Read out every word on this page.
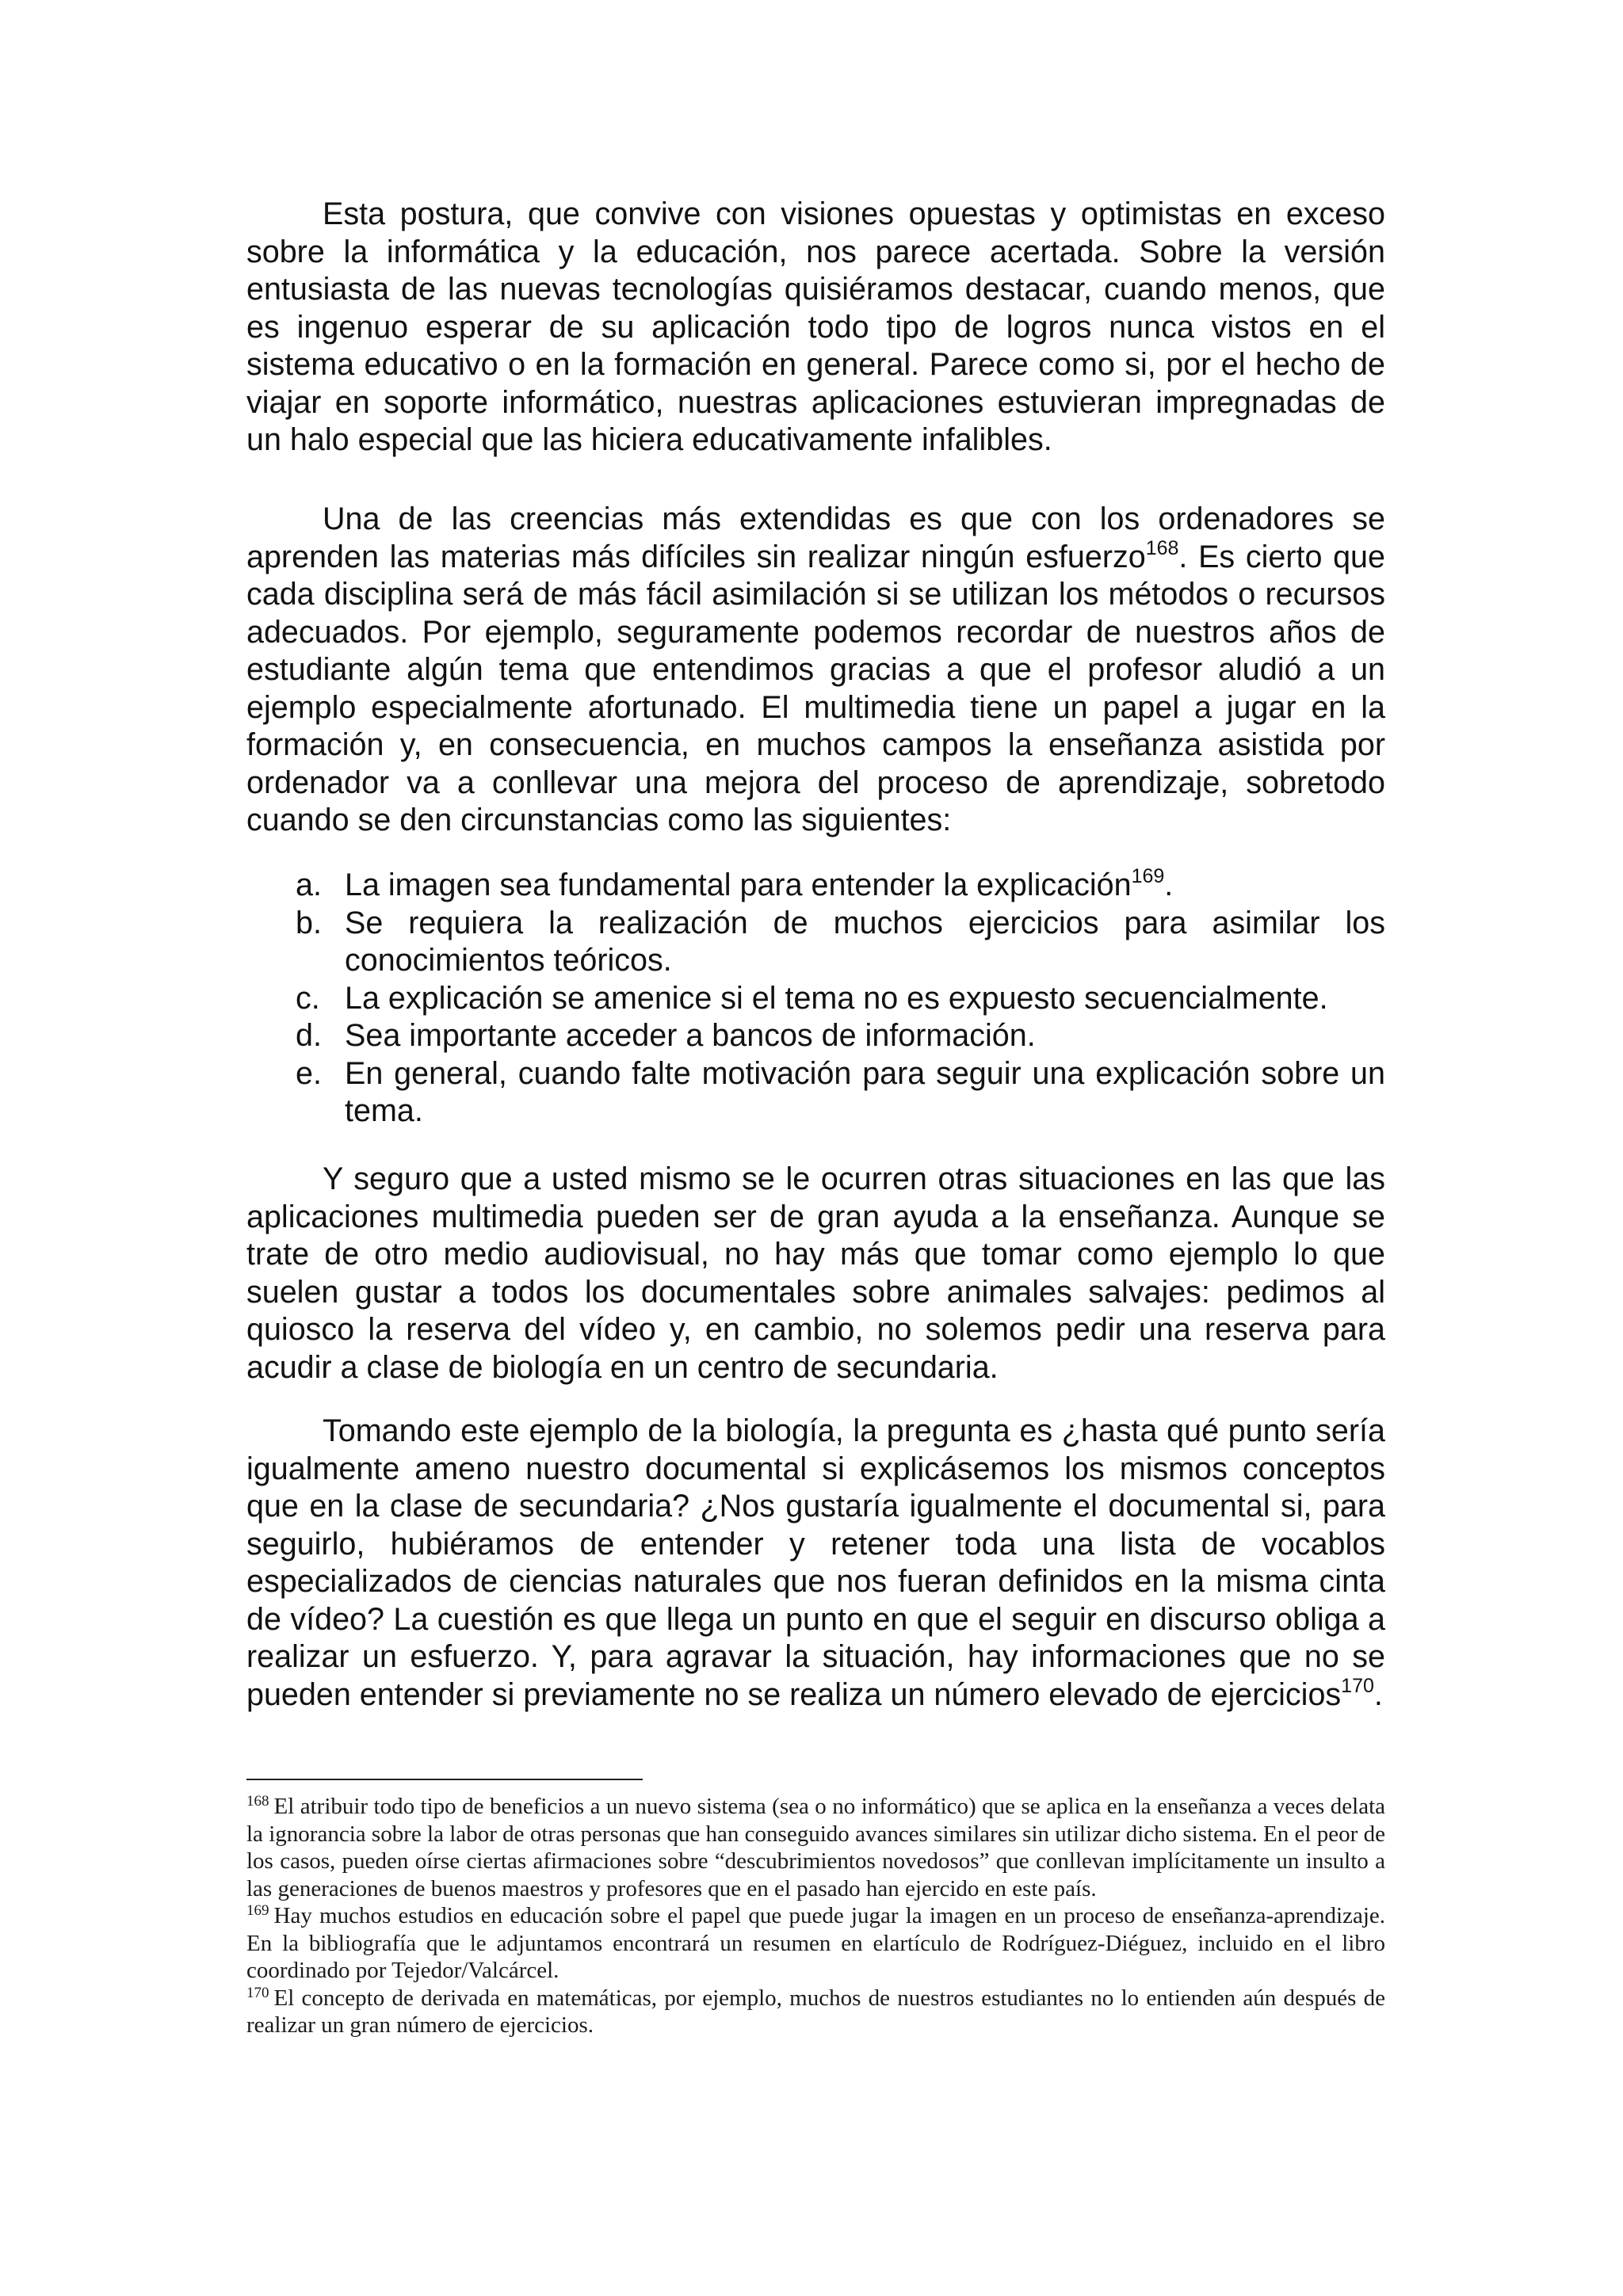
Esta postura, que convive con visiones opuestas y optimistas en exceso sobre la informática y la educación, nos parece acertada. Sobre la versión entusiasta de las nuevas tecnologías quisiéramos destacar, cuando menos, que es ingenuo esperar de su aplicación todo tipo de logros nunca vistos en el sistema educativo o en la formación en general. Parece como si, por el hecho de viajar en soporte informático, nuestras aplicaciones estuvieran impregnadas de un halo especial que las hiciera educativamente infalibles.

Una de las creencias más extendidas es que con los ordenadores se aprenden las materias más difíciles sin realizar ningún esfuerzo$^{168}$. Es cierto que cada disciplina será de más fácil asimilación si se utilizan los métodos o recursos adecuados. Por ejemplo, seguramente podemos recordar de nuestros años de estudiante algún tema que entendimos gracias a que el profesor aludió a un ejemplo especialmente afortunado. El multimedia tiene un papel a jugar en la formación y, en consecuencia, en muchos campos la enseñanza asistida por ordenador va a conllevar una mejora del proceso de aprendizaje, sobretodo cuando se den circunstancias como las siguientes:

a. La imagen sea fundamental para entender la explicación$^{169}$.
b. Se requiera la realización de muchos ejercicios para asimilar los conocimientos teóricos.
c. La explicación se amenice si el tema no es expuesto secuencialmente.
d. Sea importante acceder a bancos de información.
e. En general, cuando falte motivación para seguir una explicación sobre un tema.

Y seguro que a usted mismo se le ocurren otras situaciones en las que las aplicaciones multimedia pueden ser de gran ayuda a la enseñanza. Aunque se trate de otro medio audiovisual, no hay más que tomar como ejemplo lo que suelen gustar a todos los documentales sobre animales salvajes: pedimos al quiosco la reserva del vídeo y, en cambio, no solemos pedir una reserva para acudir a clase de biología en un centro de secundaria.

Tomando este ejemplo de la biología, la pregunta es ¿hasta qué punto sería igualmente ameno nuestro documental si explicásemos los mismos conceptos que en la clase de secundaria? ¿Nos gustaría igualmente el documental si, para seguirlo, hubiéramos de entender y retener toda una lista de vocablos especializados de ciencias naturales que nos fueran definidos en la misma cinta de vídeo? La cuestión es que llega un punto en que el seguir en discurso obliga a realizar un esfuerzo. Y, para agravar la situación, hay informaciones que no se pueden entender si previamente no se realiza un número elevado de ejercicios$^{170}$.

$^{168}$ El atribuir todo tipo de beneficios a un nuevo sistema (sea o no informático) que se aplica en la enseñanza a veces delata la ignorancia sobre la labor de otras personas que han conseguido avances similares sin utilizar dicho sistema. En el peor de los casos, pueden oírse ciertas afirmaciones sobre “descubrimientos novedosos” que conllevan implícitamente un insulto a las generaciones de buenos maestros y profesores que en el pasado han ejercido en este país.

$^{169}$ Hay muchos estudios en educación sobre el papel que puede jugar la imagen en un proceso de enseñanza-aprendizaje. En la bibliografía que le adjuntamos encontrará un resumen en elartículo de Rodríguez-Diéguez, incluido en el libro coordinado por Tejedor/Valcárcel.

$^{170}$ El concepto de derivada en matemáticas, por ejemplo, muchos de nuestros estudiantes no lo entienden aún después de realizar un gran número de ejercicios.
